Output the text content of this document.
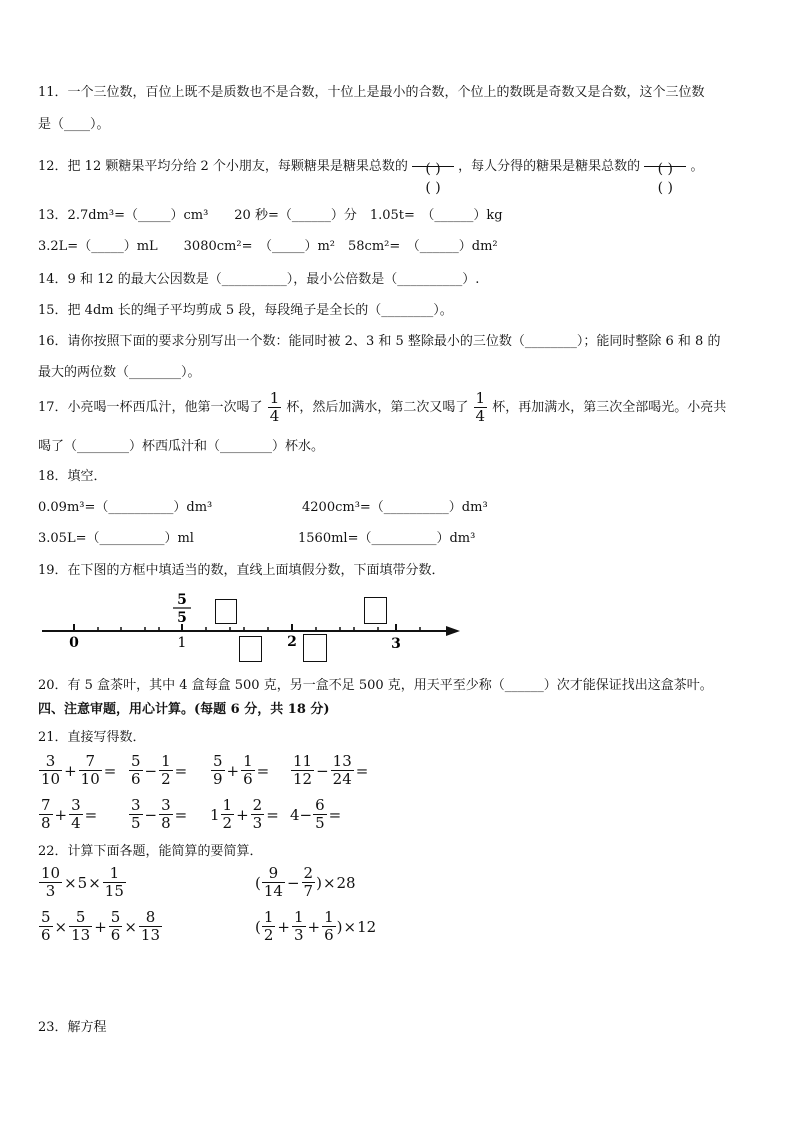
11．一个三位数，百位上既不是质数也不是合数，十位上是最小的合数，个位上的数既是奇数又是合数，这个三位数
是（____）。
12．把 12 颗糖果平均分给 2 个小朋友，每颗糖果是糖果总数的 $\frac{( )}{( )}$ ，每人分得的糖果是糖果总数的 $\frac{( )}{( )}$ 。
13．2.7dm³=（_____）cm³　　20 秒=（______）分　1.05t=　（______）kg
3.2L=（_____）mL　　3080cm²=　（_____）m²　58cm²=　（______）dm²
14．9 和 12 的最大公因数是（__________），最小公倍数是（__________）.
15．把 4dm 长的绳子平均剪成 5 段，每段绳子是全长的（________）。
16．请你按照下面的要求分别写出一个数：能同时被 2、3 和 5 整除最小的三位数（________）；能同时整除 6 和 8 的
最大的两位数（________）。
17．小亮喝一杯西瓜汁，他第一次喝了 $\frac{1}{4}$ 杯，然后加满水，第二次又喝了 $\frac{1}{4}$ 杯，再加满水，第三次全部喝光。小亮共
喝了（________）杯西瓜汁和（________）杯水。
18．填空．
0.09m³=（__________）dm³	4200cm³=（__________）dm³
3.05L=（__________）ml	1560ml=（__________）dm³
19．在下图的方框中填适当的数，直线上面填假分数，下面填带分数．
0	1	2	3
5
5
20．有 5 盒茶叶，其中 4 盒每盒 500 克，另一盒不足 500 克，用天平至少称（______）次才能保证找出这盒茶叶。
四、注意审题，用心计算。(每题 6 分，共 18 分)
21．直接写得数．
$\frac{3}{10} + \frac{7}{10} = \frac{5}{6} - \frac{1}{2} = \frac{5}{9} + \frac{1}{6} = \frac{11}{12} - \frac{13}{24}$ =
$\frac{7}{8} + \frac{3}{4} = \frac{3}{5} - \frac{3}{8} = 1 \frac{1}{2} + \frac{2}{3} = 4- \frac{6}{5}$ =
22．计算下面各题，能简算的要简算．
$\frac{10}{3} \times 5 \times \frac{1}{15}$	( $\frac{9}{14} - \frac{2}{7}$ ) × 28
$\frac{5}{6} \times \frac{5}{13} + \frac{5}{6} \times \frac{8}{13}$	( $\frac{1}{2} + \frac{1}{3} + \frac{1}{6}$ ) × 12
23．解方程
